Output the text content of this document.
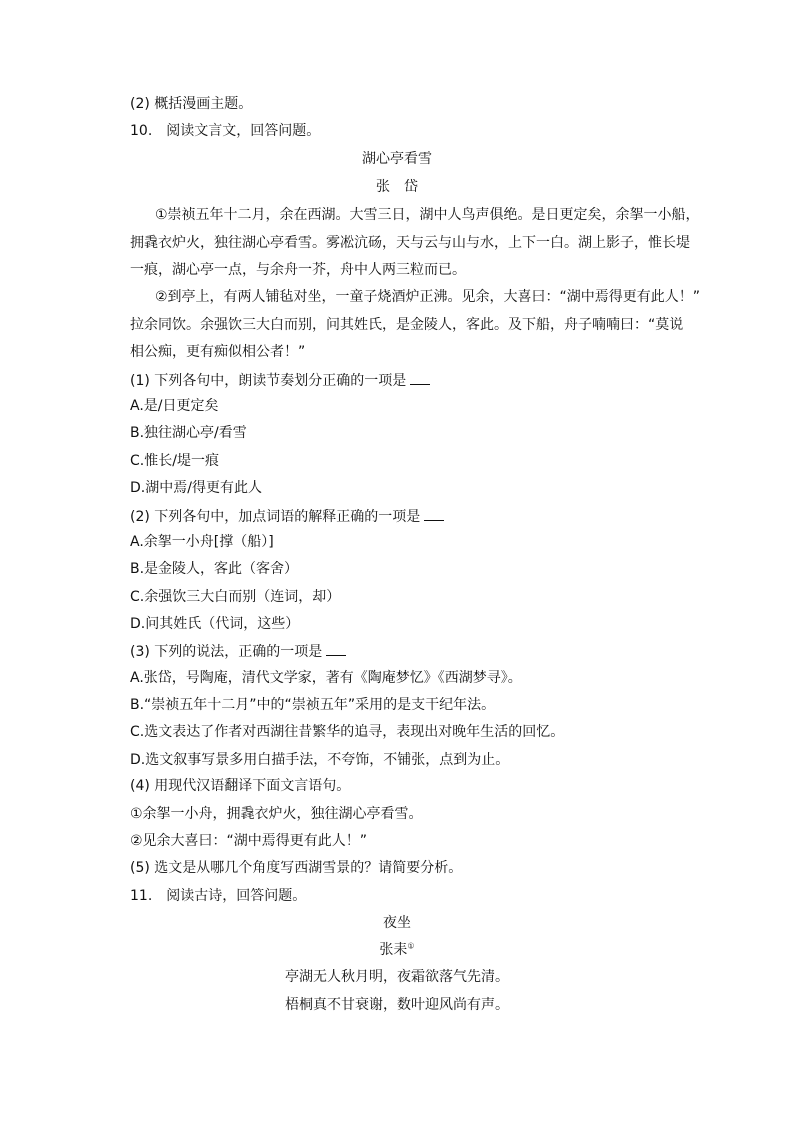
(2) 概括漫画主题。
10.　阅读文言文，回答问题。
湖心亭看雪
张　岱
①崇祯五年十二月，余在西湖。大雪三日，湖中人鸟声俱绝。是日更定矣，余挐一小船，
拥毳衣炉火，独往湖心亭看雪。雾凇沆砀，天与云与山与水，上下一白。湖上影子，惟长堤
一痕，湖心亭一点，与余舟一芥，舟中人两三粒而已。
②到亭上，有两人铺毡对坐，一童子烧酒炉正沸。见余，大喜曰：“湖中焉得更有此人！”
拉余同饮。余强饮三大白而别，问其姓氏，是金陵人，客此。及下船，舟子喃喃曰：“莫说
相公痴，更有痴似相公者！”
(1) 下列各句中，朗读节奏划分正确的一项是
A.是/日更定矣
B.独往湖心亭/看雪
C.惟长/堤一痕
D.湖中焉/得更有此人
(2) 下列各句中，加点词语的解释正确的一项是
A.余挐一小舟[撑（船）]
B.是金陵人，客此（客舍）
C.余强饮三大白而别（连词，却）
D.问其姓氏（代词，这些）
(3) 下列的说法，正确的一项是
A.张岱，号陶庵，清代文学家，著有《陶庵梦忆》《西湖梦寻》。
B.“崇祯五年十二月”中的“崇祯五年”采用的是支干纪年法。
C.选文表达了作者对西湖往昔繁华的追寻，表现出对晚年生活的回忆。
D.选文叙事写景多用白描手法，不夸饰，不铺张，点到为止。
(4) 用现代汉语翻译下面文言语句。
①余挐一小舟，拥毳衣炉火，独往湖心亭看雪。
②见余大喜曰：“湖中焉得更有此人！”
(5) 选文是从哪几个角度写西湖雪景的？请简要分析。
11.　阅读古诗，回答问题。
夜坐
张耒①
亭湖无人秋月明，夜霜欲落气先清。
梧桐真不甘衰谢，数叶迎风尚有声。
